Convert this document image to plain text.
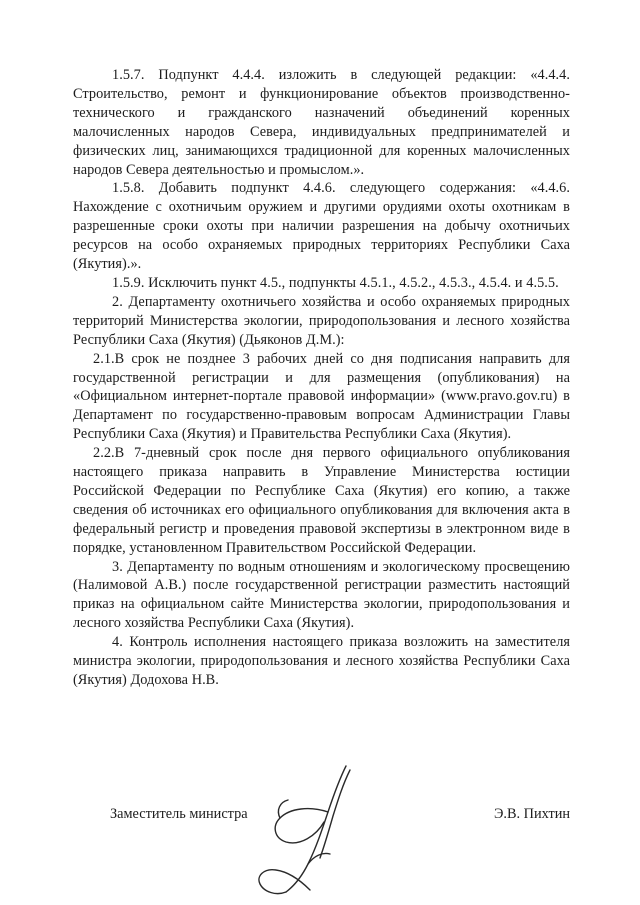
1.5.7. Подпункт 4.4.4. изложить в следующей редакции: «4.4.4. Строительство, ремонт и функционирование объектов производственно-технического и гражданского назначений объединений коренных малочисленных народов Севера, индивидуальных предпринимателей и физических лиц, занимающихся традиционной для коренных малочисленных народов Севера деятельностью и промыслом.».

1.5.8. Добавить подпункт 4.4.6. следующего содержания: «4.4.6. Нахождение с охотничьим оружием и другими орудиями охоты охотникам в разрешенные сроки охоты при наличии разрешения на добычу охотничьих ресурсов на особо охраняемых природных территориях Республики Саха (Якутия).».

1.5.9. Исключить пункт 4.5., подпункты 4.5.1., 4.5.2., 4.5.3., 4.5.4. и 4.5.5.

2. Департаменту охотничьего хозяйства и особо охраняемых природных территорий Министерства экологии, природопользования и лесного хозяйства Республики Саха (Якутия) (Дьяконов Д.М.):

2.1.В срок не позднее 3 рабочих дней со дня подписания направить для государственной регистрации и для размещения (опубликования) на «Официальном интернет-портале правовой информации» (www.pravo.gov.ru) в Департамент по государственно-правовым вопросам Администрации Главы Республики Саха (Якутия) и Правительства Республики Саха (Якутия).

2.2.В 7-дневный срок после дня первого официального опубликования настоящего приказа направить в Управление Министерства юстиции Российской Федерации по Республике Саха (Якутия) его копию, а также сведения об источниках его официального опубликования для включения акта в федеральный регистр и проведения правовой экспертизы в электронном виде в порядке, установленном Правительством Российской Федерации.

3. Департаменту по водным отношениям и экологическому просвещению (Налимовой А.В.) после государственной регистрации разместить настоящий приказ на официальном сайте Министерства экологии, природопользования и лесного хозяйства Республики Саха (Якутия).

4. Контроль исполнения настоящего приказа возложить на заместителя министра экологии, природопользования и лесного хозяйства Республики Саха (Якутия) Додохова Н.В.

Заместитель министра	Э.В. Пихтин
